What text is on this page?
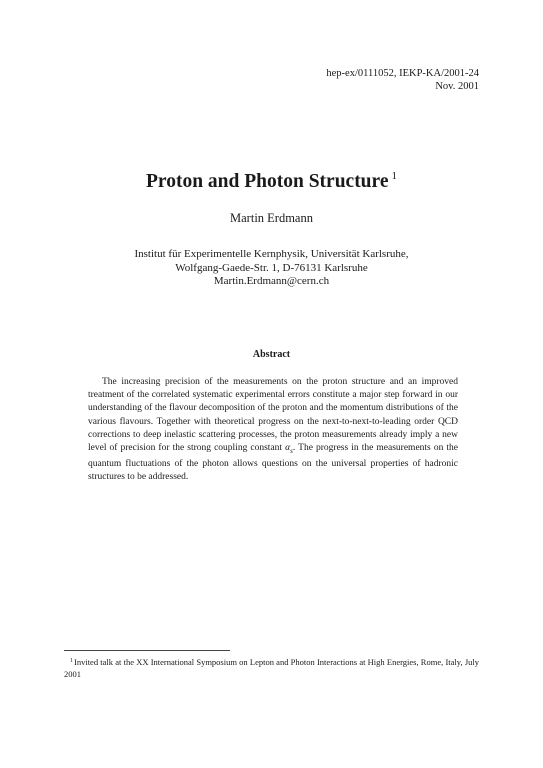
hep-ex/0111052, IEKP-KA/2001-24
Nov. 2001
Proton and Photon Structure $^1$
Martin Erdmann
Institut für Experimentelle Kernphysik, Universität Karlsruhe,
Wolfgang-Gaede-Str. 1, D-76131 Karlsruhe
Martin.Erdmann@cern.ch
Abstract
The increasing precision of the measurements on the proton structure and an improved treatment of the correlated systematic experimental errors constitute a major step forward in our understanding of the flavour decomposition of the proton and the momentum distributions of the various flavours. Together with theoretical progress on the next-to-next-to-leading order QCD corrections to deep inelastic scattering processes, the proton measurements already imply a new level of precision for the strong coupling constant $\alpha_s$. The progress in the measurements on the quantum fluctuations of the photon allows questions on the universal properties of hadronic structures to be addressed.
$^1$Invited talk at the XX International Symposium on Lepton and Photon Interactions at High Energies, Rome, Italy, July 2001
